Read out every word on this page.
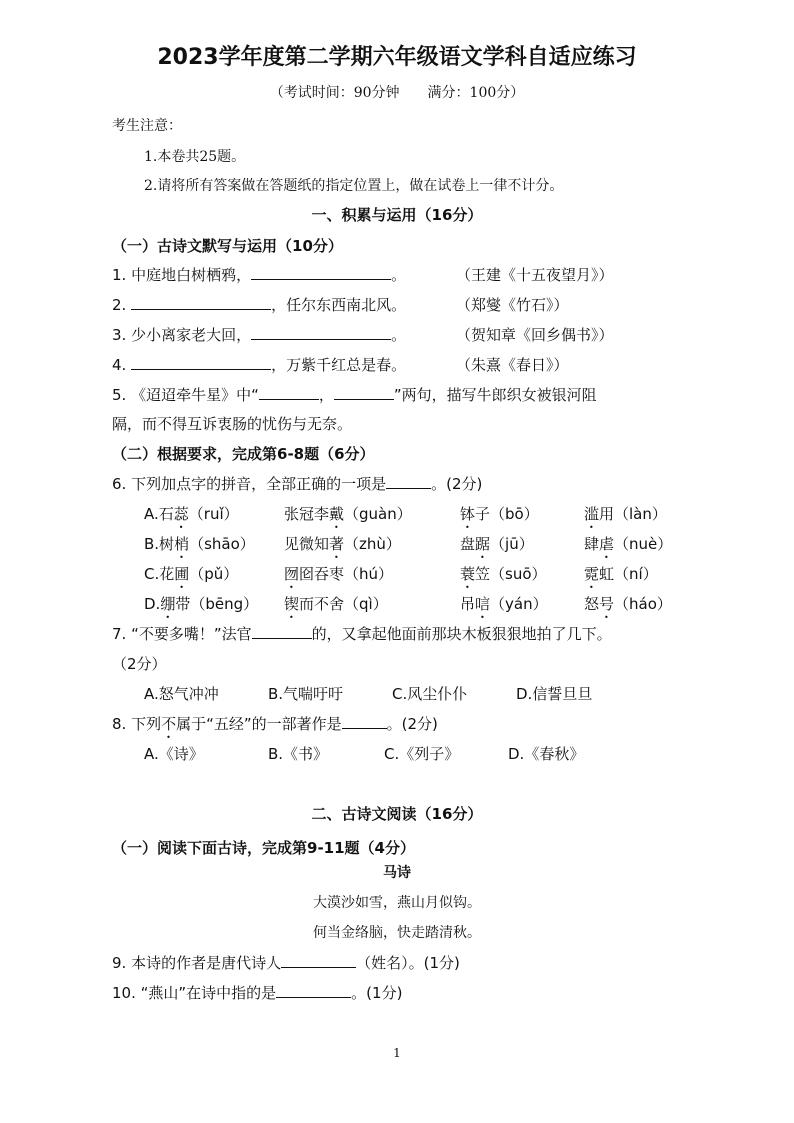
2023学年度第二学期六年级语文学科自适应练习
（考试时间：90分钟　　满分：100分）
考生注意：
1.本卷共25题。
2.请将所有答案做在答题纸的指定位置上，做在试卷上一律不计分。
一、积累与运用（16分）
（一）古诗文默写与运用（10分）
1. 中庭地白树栖鸦，	。	（王建《十五夜望月》）
2.	，任尔东西南北风。	（郑燮《竹石》）
3. 少小离家老大回，	。	（贺知章《回乡偶书》）
4.	，万紫千红总是春。	（朱熹《春日》）
5. 《迢迢牵牛星》中“	，	”两句，描写牛郎织女被银河阻
隔，而不得互诉衷肠的忧伤与无奈。
（二）根据要求，完成第6-8题（6分）
6. 下列加点字的拼音，全部正确的一项是	。(2分)
A.石蕊（ruǐ）	张冠李戴（guàn）	钵子（bō）	滥用（làn）
B.树梢（shāo） 见微知著（zhù）	盘踞（jū）	肆虐（nuè）
C.花圃（pǔ）	囫囵吞枣（hú）	蓑笠（suō） 霓虹（ní）
D.绷带（bēng） 锲而不舍（qì）	吊唁（yán） 怒号（háo）
7. “不要多嘴！”法官	的，又拿起他面前那块木板狠狠地拍了几下。
（2分）
A.怒气冲冲	B.气喘吁吁	C.风尘仆仆	D.信誓旦旦
8. 下列不属于“五经”的一部著作是	。(2分)
A.《诗》	B.《书》	C.《列子》	D.《春秋》
二、古诗文阅读（16分）
（一）阅读下面古诗，完成第9-11题（4分）
马诗
大漠沙如雪，燕山月似钩。
何当金络脑，快走踏清秋。
9. 本诗的作者是唐代诗人	（姓名）。(1分)
10. “燕山”在诗中指的是	。(1分)
1
